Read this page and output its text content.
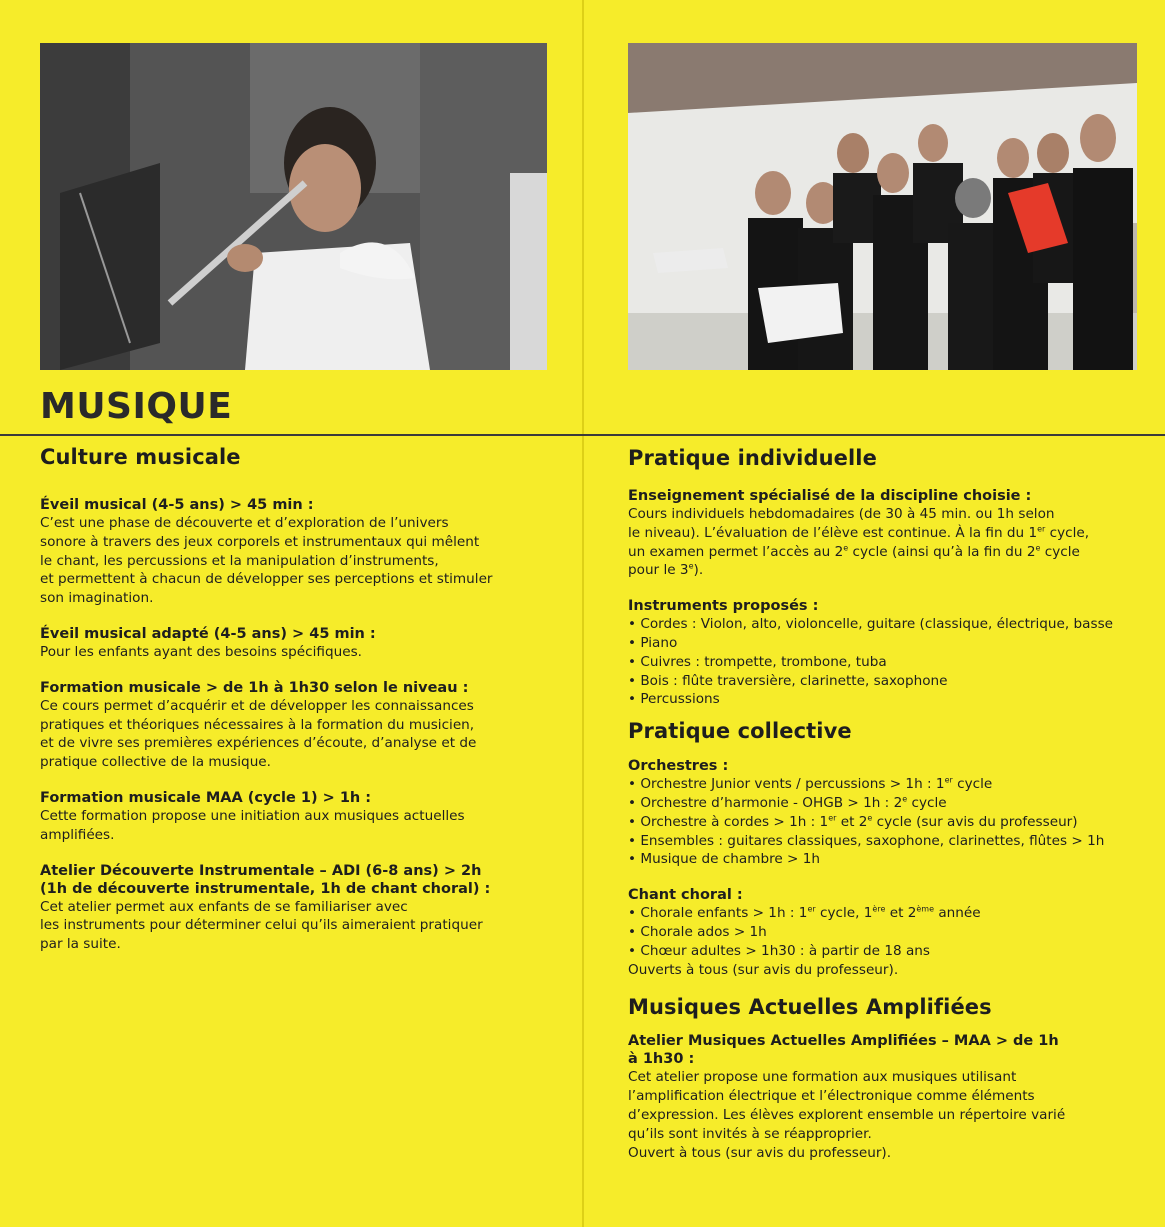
MUSIQUE
Culture musicale

Éveil musical (4-5 ans) > 45 min :

C’est une phase de découverte et d’exploration de l’univers

sonore à travers des jeux corporels et instrumentaux qui mêlent

le chant, les percussions et la manipulation d’instruments,

et permettent à chacun de développer ses perceptions et stimuler

son imagination.

Éveil musical adapté (4-5 ans) > 45 min :

Pour les enfants ayant des besoins spécifiques.

Formation musicale > de 1h à 1h30 selon le niveau :

Ce cours permet d’acquérir et de développer les connaissances

pratiques et théoriques nécessaires à la formation du musicien,

et de vivre ses premières expériences d’écoute, d’analyse et de

pratique collective de la musique.

Formation musicale MAA (cycle 1) > 1h :

Cette formation propose une initiation aux musiques actuelles

amplifiées.

Atelier Découverte Instrumentale – ADI (6-8 ans) > 2h

(1h de découverte instrumentale, 1h de chant choral) :

Cet atelier permet aux enfants de se familiariser avec

les instruments pour déterminer celui qu’ils aimeraient pratiquer

par la suite.

Pratique individuelle

Enseignement spécialisé de la discipline choisie :

Cours individuels hebdomadaires (de 30 à 45 min. ou 1h selon

le niveau). L’évaluation de l’élève est continue. À la fin du 1er cycle,

un examen permet l’accès au 2e cycle (ainsi qu’à la fin du 2e cycle

pour le 3e).

Instruments proposés :

• Cordes : Violon, alto, violoncelle, guitare (classique, électrique, basse
• Piano
• Cuivres : trompette, trombone, tuba
• Bois : flûte traversière, clarinette, saxophone
• Percussions
Pratique collective

Orchestres :

• Orchestre Junior vents / percussions > 1h : 1er cycle
• Orchestre d’harmonie - OHGB > 1h : 2e cycle
• Orchestre à cordes > 1h : 1er et 2e cycle (sur avis du professeur)
• Ensembles : guitares classiques, saxophone, clarinettes, flûtes > 1h
• Musique de chambre > 1h

Chant choral :

• Chorale enfants > 1h : 1er cycle, 1ère et 2ème année
• Chorale ados > 1h
• Chœur adultes > 1h30 : à partir de 18 ans

Ouverts à tous (sur avis du professeur).

Musiques Actuelles Amplifiées

Atelier Musiques Actuelles Amplifiées – MAA > de 1h

à 1h30 :

Cet atelier propose une formation aux musiques utilisant

l’amplification électrique et l’électronique comme éléments

d’expression. Les élèves explorent ensemble un répertoire varié

qu’ils sont invités à se réapproprier.

Ouvert à tous (sur avis du professeur).
